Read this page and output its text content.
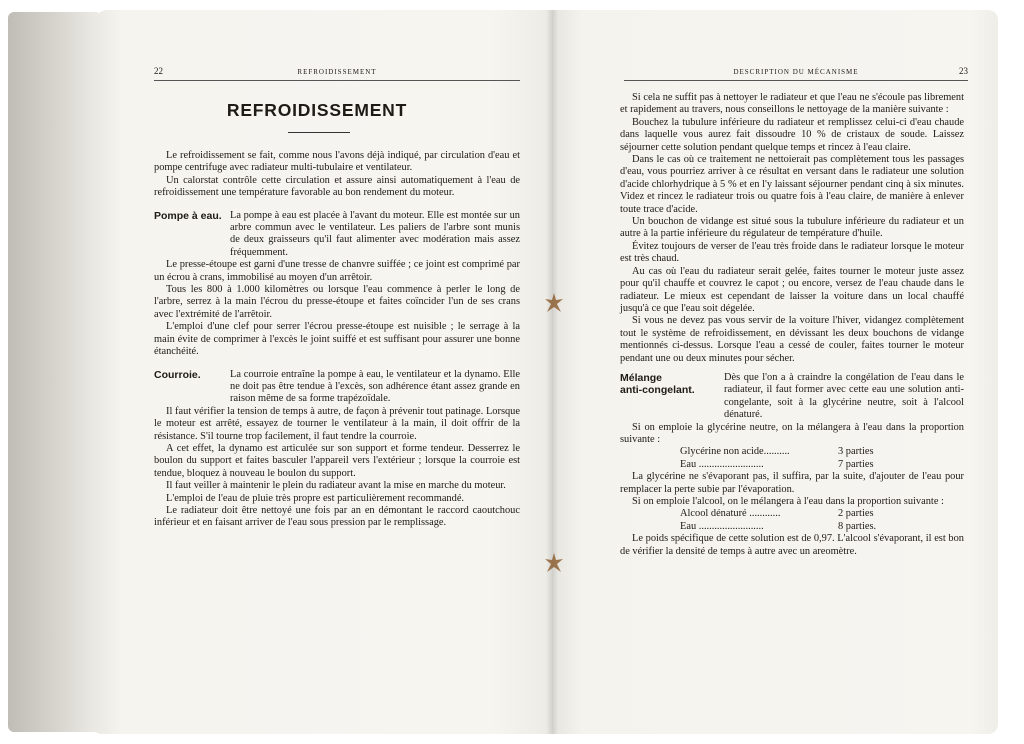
22	REFROIDISSEMENT
REFROIDISSEMENT

Le refroidissement se fait, comme nous l'avons déjà indiqué, par circulation d'eau et pompe centrifuge avec radiateur multi-tubulaire et ventilateur.

Un calorstat contrôle cette circulation et assure ainsi automatiquement à l'eau de refroidissement une température favorable au bon rendement du moteur.

Pompe à eau. La pompe à eau est placée à l'avant du moteur. Elle est montée sur un arbre commun avec le ventilateur. Les paliers de l'arbre sont munis de deux graisseurs qu'il faut alimenter avec modération mais assez fréquemment.

Le presse-étoupe est garni d'une tresse de chanvre suiffée ; ce joint est comprimé par un écrou à crans, immobilisé au moyen d'un arrêtoir.

Tous les 800 à 1.000 kilomètres ou lorsque l'eau commence à perler le long de l'arbre, serrez à la main l'écrou du presse-étoupe et faites coïncider l'un de ses crans avec l'extrémité de l'arrêtoir.

L'emploi d'une clef pour serrer l'écrou presse-étoupe est nuisible ; le serrage à la main évite de comprimer à l'excès le joint suiffé et est suffisant pour assurer une bonne étanchéité.

Courroie.	La courroie entraîne la pompe à eau, le ventilateur et la dynamo. Elle ne doit pas être tendue à l'excès, son adhérence étant assez grande en raison même de sa forme trapézoïdale.

Il faut vérifier la tension de temps à autre, de façon à prévenir tout patinage. Lorsque le moteur est arrêté, essayez de tourner le ventilateur à la main, il doit offrir de la résistance. S'il tourne trop facilement, il faut tendre la courroie.

A cet effet, la dynamo est articulée sur son support et forme tendeur. Desserrez le boulon du support et faites basculer l'appareil vers l'extérieur ; lorsque la courroie est tendue, bloquez à nouveau le boulon du support.

Il faut veiller à maintenir le plein du radiateur avant la mise en marche du moteur.

L'emploi de l'eau de pluie très propre est particulièrement recommandé.

Le radiateur doit être nettoyé une fois par an en démontant le raccord caoutchouc inférieur et en faisant arriver de l'eau sous pression par le remplissage.

DESCRIPTION DU MÉCANISME	23

Si cela ne suffit pas à nettoyer le radiateur et que l'eau ne s'écoule pas librement et rapidement au travers, nous conseillons le nettoyage de la manière suivante :

Bouchez la tubulure inférieure du radiateur et remplissez celui-ci d'eau chaude dans laquelle vous aurez fait dissoudre 10 % de cristaux de soude. Laissez séjourner cette solution pendant quelque temps et rincez à l'eau claire.

Dans le cas où ce traitement ne nettoierait pas complètement tous les passages d'eau, vous pourriez arriver à ce résultat en versant dans le radiateur une solution d'acide chlorhydrique à 5 % et en l'y laissant séjourner pendant cinq à six minutes. Videz et rincez le radiateur trois ou quatre fois à l'eau claire, de manière à enlever toute trace d'acide.

Un bouchon de vidange est situé sous la tubulure inférieure du radiateur et un autre à la partie inférieure du régulateur de température d'huile.

Évitez toujours de verser de l'eau très froide dans le radiateur lorsque le moteur est très chaud.

Au cas où l'eau du radiateur serait gelée, faites tourner le moteur juste assez pour qu'il chauffe et couvrez le capot ; ou encore, versez de l'eau chaude dans le radiateur. Le mieux est cependant de laisser la voiture dans un local chauffé jusqu'à ce que l'eau soit dégelée.

Si vous ne devez pas vous servir de la voiture l'hiver, vidangez complètement tout le système de refroidissement, en dévissant les deux bouchons de vidange mentionnés ci-dessus. Lorsque l'eau a cessé de couler, faites tourner le moteur pendant une ou deux minutes pour sécher.

Mélange
anti-congelant.

Dès que l'on a à craindre la congélation de l'eau dans le radiateur, il faut former avec cette eau une solution anti-congelante, soit à la glycérine neutre, soit à l'alcool dénaturé.

Si on emploie la glycérine neutre, on la mélangera à l'eau dans la proportion suivante :

Glycérine non acide..........	3 parties
Eau .........................	7 parties

La glycérine ne s'évaporant pas, il suffira, par la suite, d'ajouter de l'eau pour remplacer la perte subie par l'évaporation.

Si on emploie l'alcool, on le mélangera à l'eau dans la proportion suivante :

Alcool dénaturé ............	2 parties
Eau .........................	8 parties.

Le poids spécifique de cette solution est de 0,97. L'alcool s'évaporant, il est bon de vérifier la densité de temps à autre avec un areomètre.
